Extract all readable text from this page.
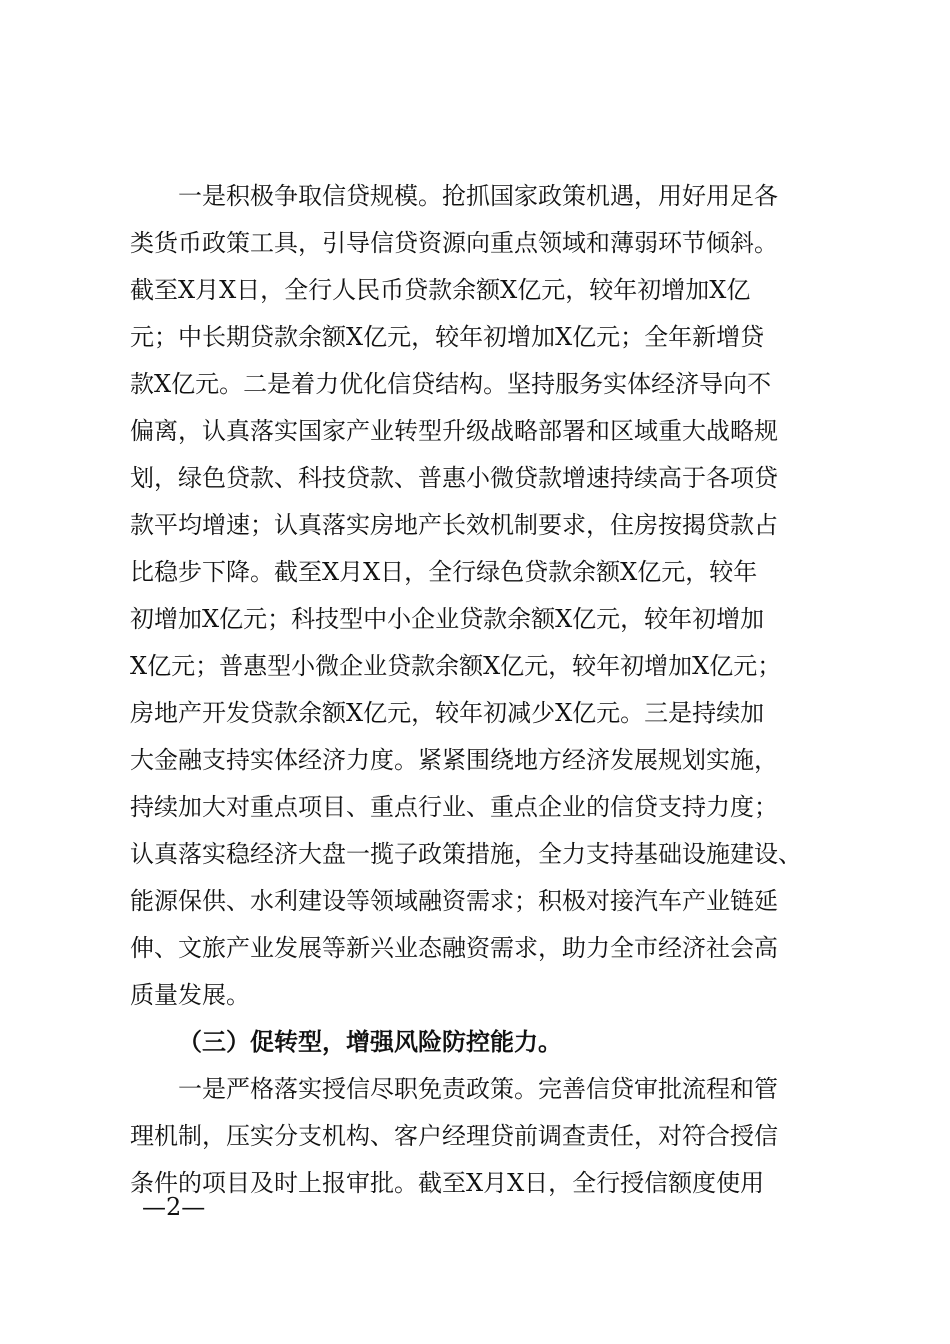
一是积极争取信贷规模。抢抓国家政策机遇，用好用足各
类货币政策工具，引导信贷资源向重点领域和薄弱环节倾斜。
截至X月X日，全行人民币贷款余额X亿元，较年初增加X亿
元；中长期贷款余额X亿元，较年初增加X亿元；全年新增贷
款X亿元。二是着力优化信贷结构。坚持服务实体经济导向不
偏离，认真落实国家产业转型升级战略部署和区域重大战略规
划，绿色贷款、科技贷款、普惠小微贷款增速持续高于各项贷
款平均增速；认真落实房地产长效机制要求，住房按揭贷款占
比稳步下降。截至X月X日，全行绿色贷款余额X亿元，较年
初增加X亿元；科技型中小企业贷款余额X亿元，较年初增加
X亿元；普惠型小微企业贷款余额X亿元，较年初增加X亿元；
房地产开发贷款余额X亿元，较年初减少X亿元。三是持续加
大金融支持实体经济力度。紧紧围绕地方经济发展规划实施，
持续加大对重点项目、重点行业、重点企业的信贷支持力度；
认真落实稳经济大盘一揽子政策措施，全力支持基础设施建设、
能源保供、水利建设等领域融资需求；积极对接汽车产业链延
伸、文旅产业发展等新兴业态融资需求，助力全市经济社会高
质量发展。
（三）促转型，增强风险防控能力。
一是严格落实授信尽职免责政策。完善信贷审批流程和管
理机制，压实分支机构、客户经理贷前调查责任，对符合授信
条件的项目及时上报审批。截至X月X日，全行授信额度使用
—2—
